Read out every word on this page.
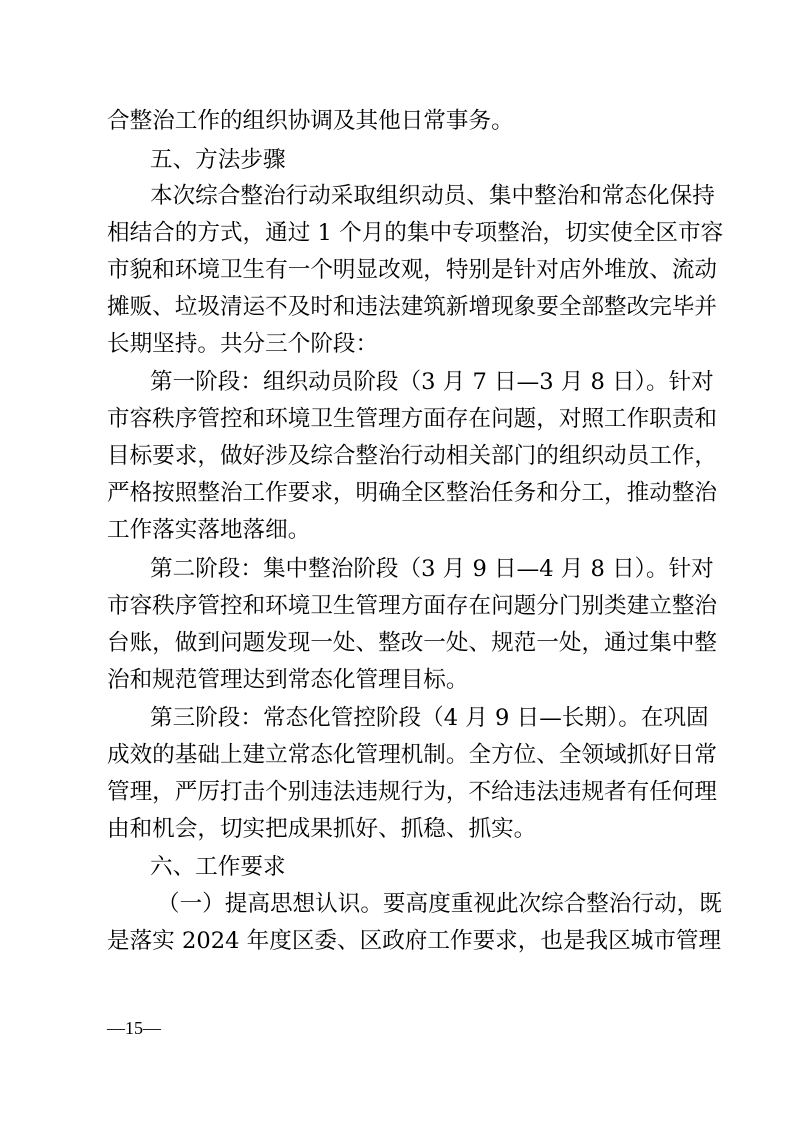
合整治工作的组织协调及其他日常事务。
五、方法步骤
本次综合整治行动采取组织动员、集中整治和常态化保持
相结合的方式，通过 1 个月的集中专项整治，切实使全区市容
市貌和环境卫生有一个明显改观，特别是针对店外堆放、流动
摊贩、垃圾清运不及时和违法建筑新增现象要全部整改完毕并
长期坚持。共分三个阶段：
第一阶段：组织动员阶段（3 月 7 日—3 月 8 日）。针对
市容秩序管控和环境卫生管理方面存在问题，对照工作职责和
目标要求，做好涉及综合整治行动相关部门的组织动员工作，
严格按照整治工作要求，明确全区整治任务和分工，推动整治
工作落实落地落细。
第二阶段：集中整治阶段（3 月 9 日—4 月 8 日）。针对
市容秩序管控和环境卫生管理方面存在问题分门别类建立整治
台账，做到问题发现一处、整改一处、规范一处，通过集中整
治和规范管理达到常态化管理目标。
第三阶段：常态化管控阶段（4 月 9 日—长期）。在巩固
成效的基础上建立常态化管理机制。全方位、全领域抓好日常
管理，严厉打击个别违法违规行为，不给违法违规者有任何理
由和机会，切实把成果抓好、抓稳、抓实。
六、工作要求
（一）提高思想认识。要高度重视此次综合整治行动，既
是落实 2024 年度区委、区政府工作要求，也是我区城市管理
—15—
